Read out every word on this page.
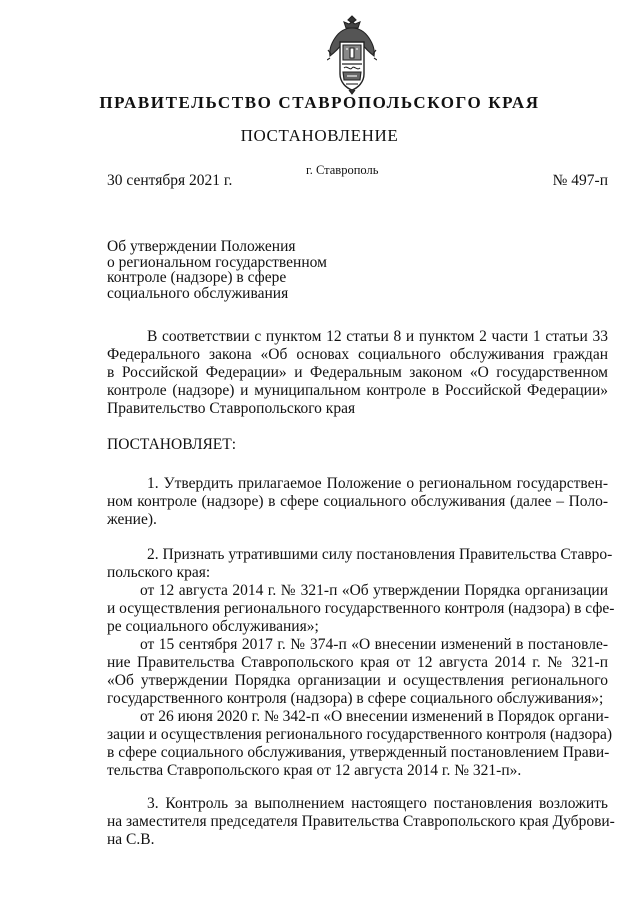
ПРАВИТЕЛЬСТВО СТАВРОПОЛЬСКОГО КРАЯ
ПОСТАНОВЛЕНИЕ
г. Ставрополь
30 сентября 2021 г.	№ 497-п
Об утверждении Положения
о региональном государственном
контроле (надзоре) в сфере
социального обслуживания
В соответствии с пунктом 12 статьи 8 и пунктом 2 части 1 статьи 33
Федерального закона «Об основах социального обслуживания граждан
в Российской Федерации» и Федеральным законом «О государственном
контроле (надзоре) и муниципальном контроле в Российской Федерации»
Правительство Ставропольского края
ПОСТАНОВЛЯЕТ:
1. Утвердить прилагаемое Положение о региональном государствен-
ном контроле (надзоре) в сфере социального обслуживания (далее – Поло-
жение).
2. Признать утратившими силу постановления Правительства Ставро-
польского края:
от 12 августа 2014 г. № 321-п «Об утверждении Порядка организации
и осуществления регионального государственного контроля (надзора) в сфе-
ре социального обслуживания»;
от 15 сентября 2017 г. № 374-п «О внесении изменений в постановле-
ние Правительства Ставропольского края от 12 августа 2014 г. № 321-п
«Об утверждении Порядка организации и осуществления регионального
государственного контроля (надзора) в сфере социального обслуживания»;
от 26 июня 2020 г. № 342-п «О внесении изменений в Порядок органи-
зации и осуществления регионального государственного контроля (надзора)
в сфере социального обслуживания, утвержденный постановлением Прави-
тельства Ставропольского края от 12 августа 2014 г. № 321-п».
3. Контроль за выполнением настоящего постановления возложить
на заместителя председателя Правительства Ставропольского края Дуброви-
на С.В.
